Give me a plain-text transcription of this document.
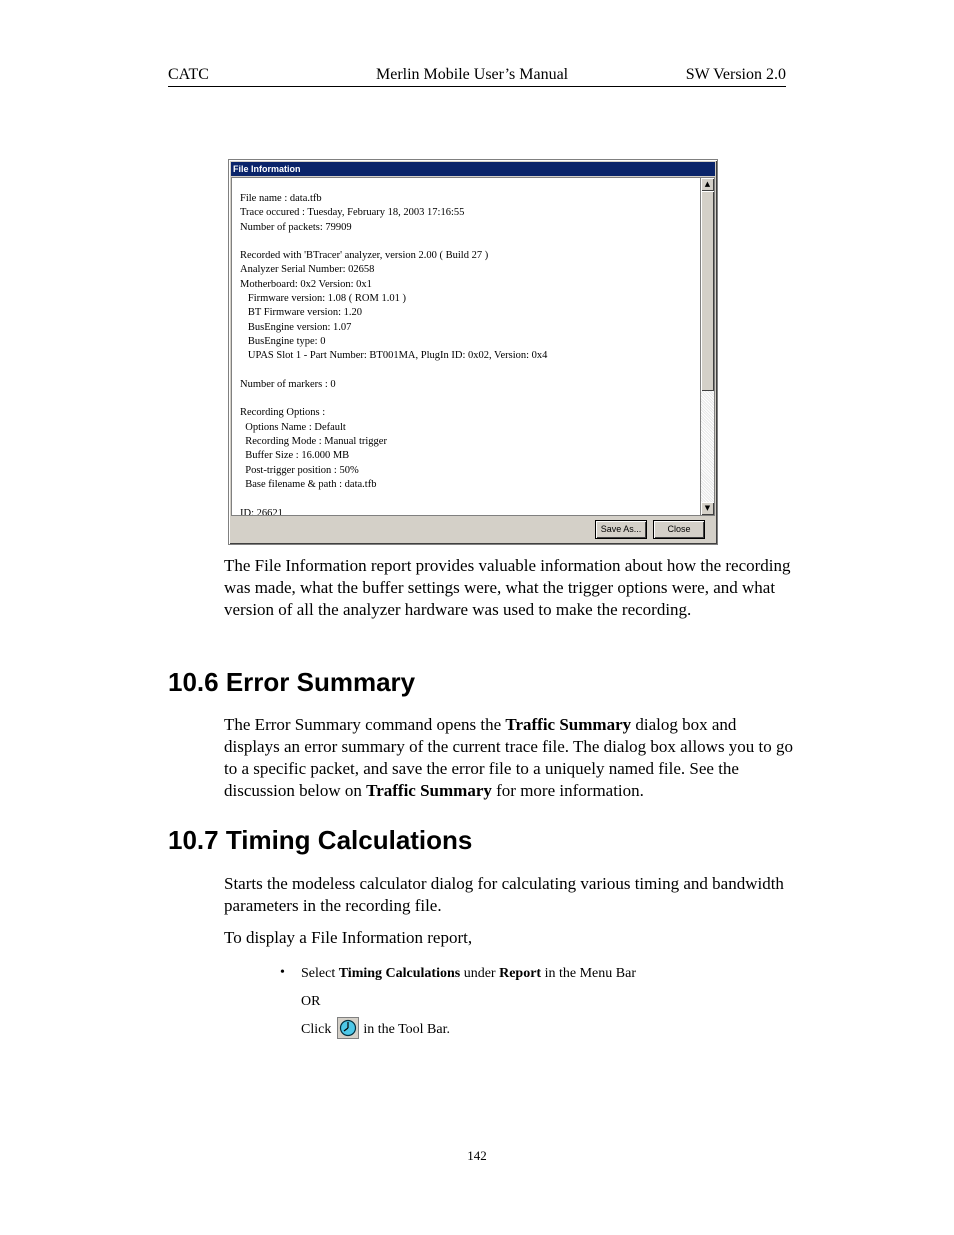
CATC	Merlin Mobile User’s Manual	SW Version 2.0
File Information
File name : data.tfb
Trace occured : Tuesday, February 18, 2003 17:16:55
Number of packets: 79909
Recorded with 'BTracer' analyzer, version 2.00 ( Build 27 )
Analyzer Serial Number: 02658
Motherboard: 0x2 Version: 0x1
Firmware version: 1.08 ( ROM 1.01 )
BT Firmware version: 1.20
BusEngine version: 1.07
BusEngine type: 0
UPAS Slot 1 - Part Number: BT001MA, PlugIn ID: 0x02, Version: 0x4
Number of markers : 0
Recording Options :
Options Name : Default
Recording Mode : Manual trigger
Buffer Size : 16.000 MB
Post-trigger position : 50%
Base filename & path : data.tfb
ID: 26621
▲
▼
Save As...	Close
The File Information report provides valuable information about how the recording was made, what the buffer settings were, what the trigger options were, and what version of all the analyzer hardware was used to make the recording.
10.6 Error Summary
The Error Summary command opens the Traffic Summary dialog box and displays an error summary of the current trace file. The dialog box allows you to go to a specific packet, and save the error file to a uniquely named file. See the discussion below on Traffic Summary for more information.
10.7 Timing Calculations
Starts the modeless calculator dialog for calculating various timing and bandwidth parameters in the recording file.
To display a File Information report,
• Select Timing Calculations under Report in the Menu Bar
OR
Click in the Tool Bar.
142
